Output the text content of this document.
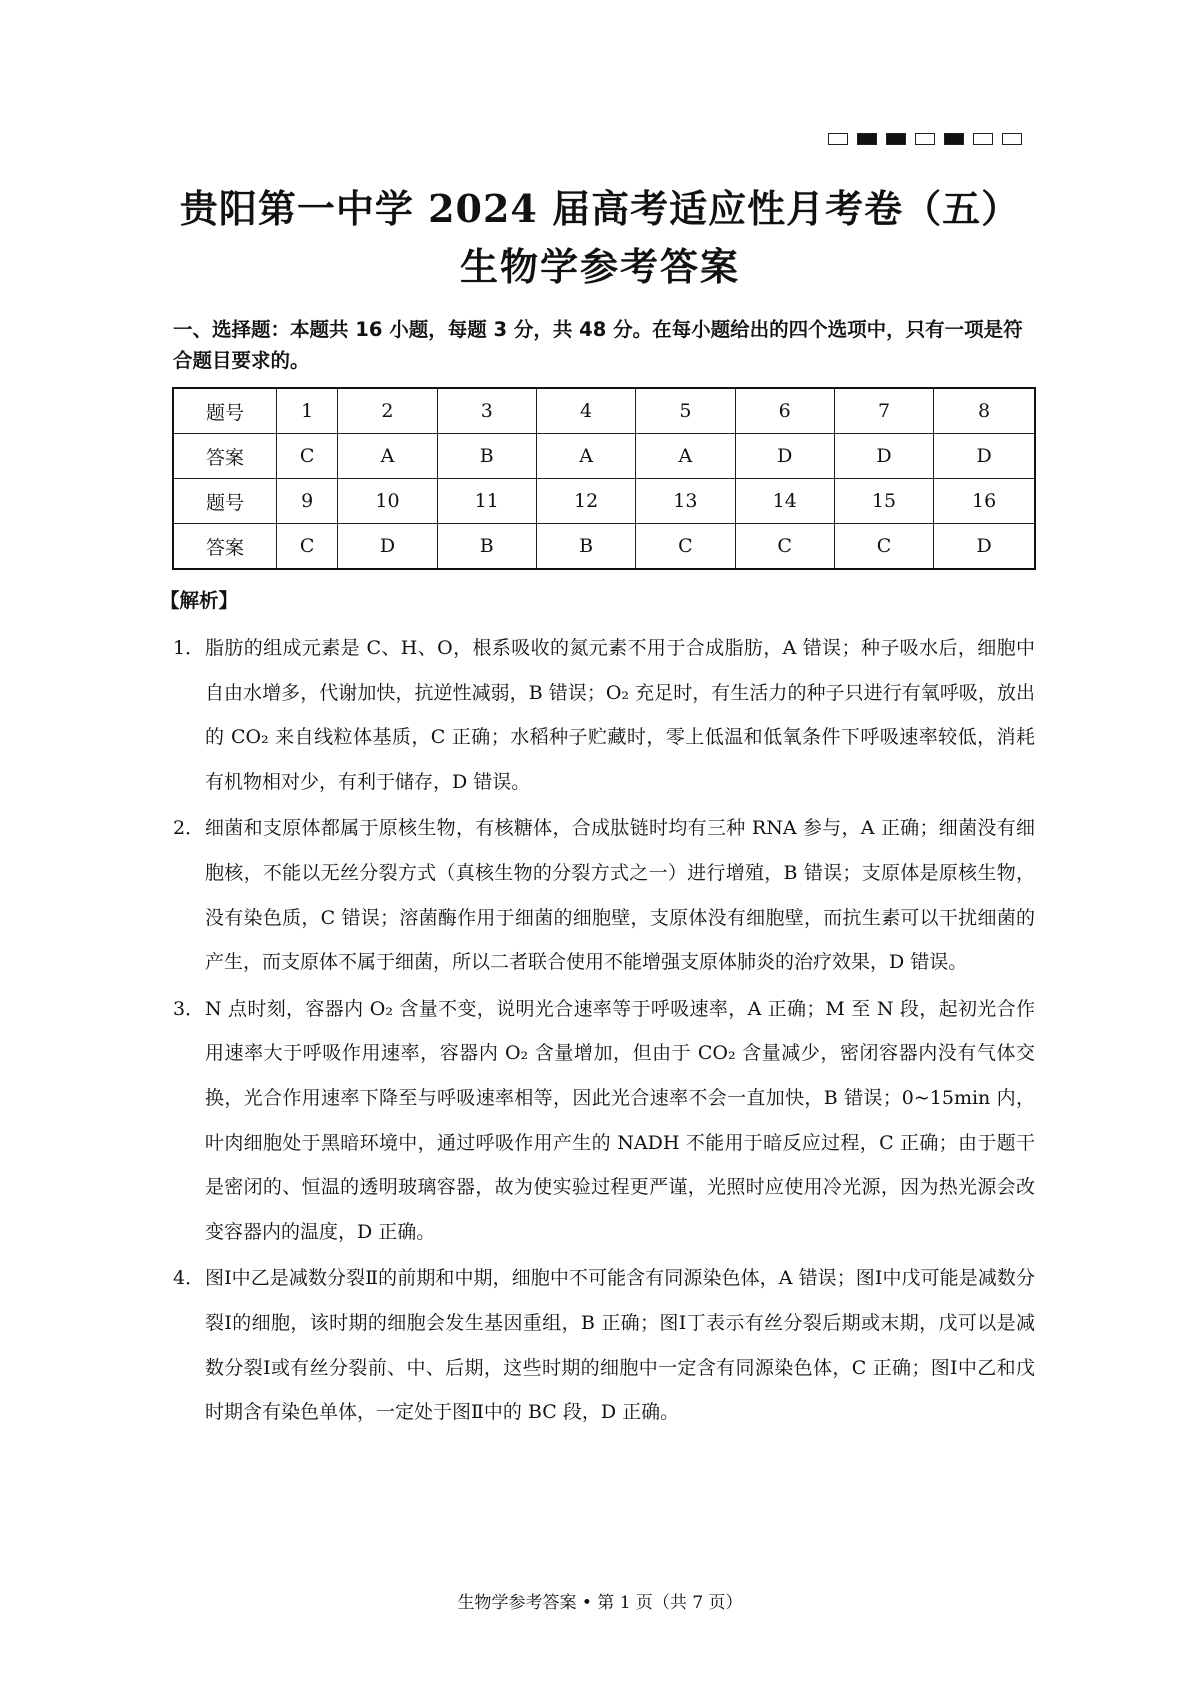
贵阳第一中学 2024 届高考适应性月考卷（五）
生物学参考答案
一、选择题：本题共 16 小题，每题 3 分，共 48 分。在每小题给出的四个选项中，只有一项是符合题目要求的。
题号	1	2	3	4	5	6	7	8
答案	C	A	B	A	A	D	D	D
题号	9	10	11	12	13	14	15	16
答案	C	D	B	B	C	C	C	D
【解析】
1． 脂肪的组成元素是 C、H、O，根系吸收的氮元素不用于合成脂肪，A 错误；种子吸水后，细胞中自由水增多，代谢加快，抗逆性减弱，B 错误；O₂ 充足时，有生活力的种子只进行有氧呼吸，放出的 CO₂ 来自线粒体基质，C 正确；水稻种子贮藏时，零上低温和低氧条件下呼吸速率较低，消耗有机物相对少，有利于储存，D 错误。
2． 细菌和支原体都属于原核生物，有核糖体，合成肽链时均有三种 RNA 参与，A 正确；细菌没有细胞核，不能以无丝分裂方式（真核生物的分裂方式之一）进行增殖，B 错误；支原体是原核生物，没有染色质，C 错误；溶菌酶作用于细菌的细胞壁，支原体没有细胞壁，而抗生素可以干扰细菌的产生，而支原体不属于细菌，所以二者联合使用不能增强支原体肺炎的治疗效果，D 错误。
3． N 点时刻，容器内 O₂ 含量不变，说明光合速率等于呼吸速率，A 正确；M 至 N 段，起初光合作用速率大于呼吸作用速率，容器内 O₂ 含量增加，但由于 CO₂ 含量减少，密闭容器内没有气体交换，光合作用速率下降至与呼吸速率相等，因此光合速率不会一直加快，B 错误；0~15min 内，叶肉细胞处于黑暗环境中，通过呼吸作用产生的 NADH 不能用于暗反应过程，C 正确；由于题干是密闭的、恒温的透明玻璃容器，故为使实验过程更严谨，光照时应使用冷光源，因为热光源会改变容器内的温度，D 正确。
4． 图Ⅰ中乙是减数分裂Ⅱ的前期和中期，细胞中不可能含有同源染色体，A 错误；图Ⅰ中戊可能是减数分裂Ⅰ的细胞，该时期的细胞会发生基因重组，B 正确；图Ⅰ丁表示有丝分裂后期或末期，戊可以是减数分裂Ⅰ或有丝分裂前、中、后期，这些时期的细胞中一定含有同源染色体，C 正确；图Ⅰ中乙和戊时期含有染色单体，一定处于图Ⅱ中的 BC 段，D 正确。
生物学参考答案 • 第 1 页（共 7 页）
